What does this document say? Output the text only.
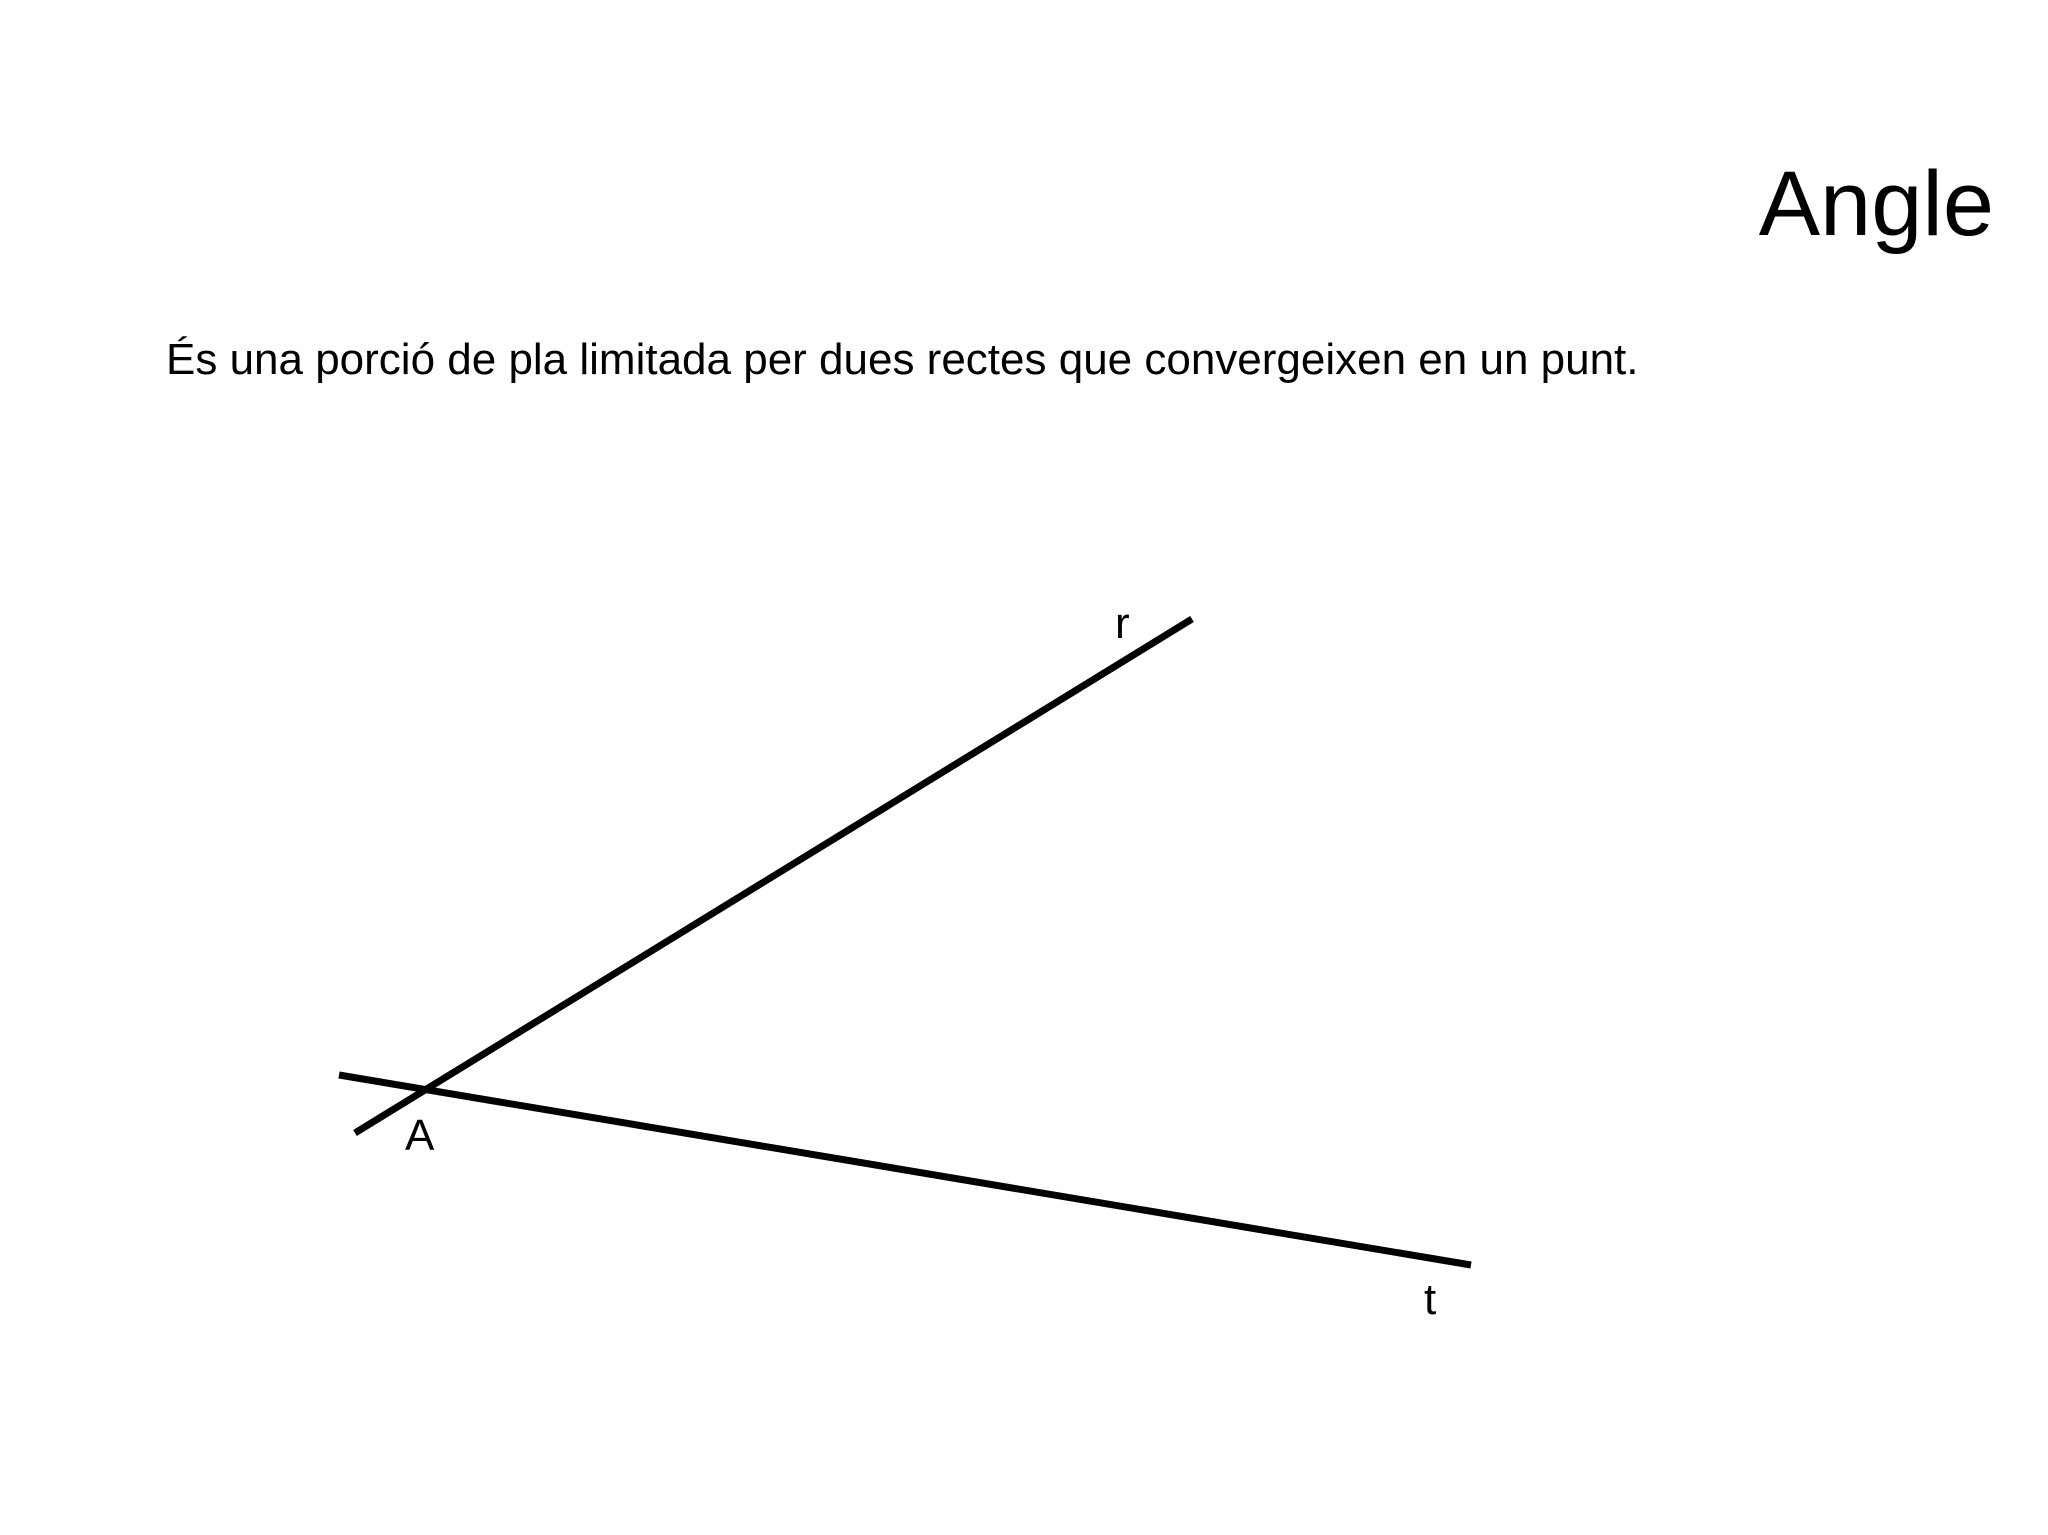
Angle

És una porció de pla limitada per dues rectes que convergeixen en un punt.

r
t
A
